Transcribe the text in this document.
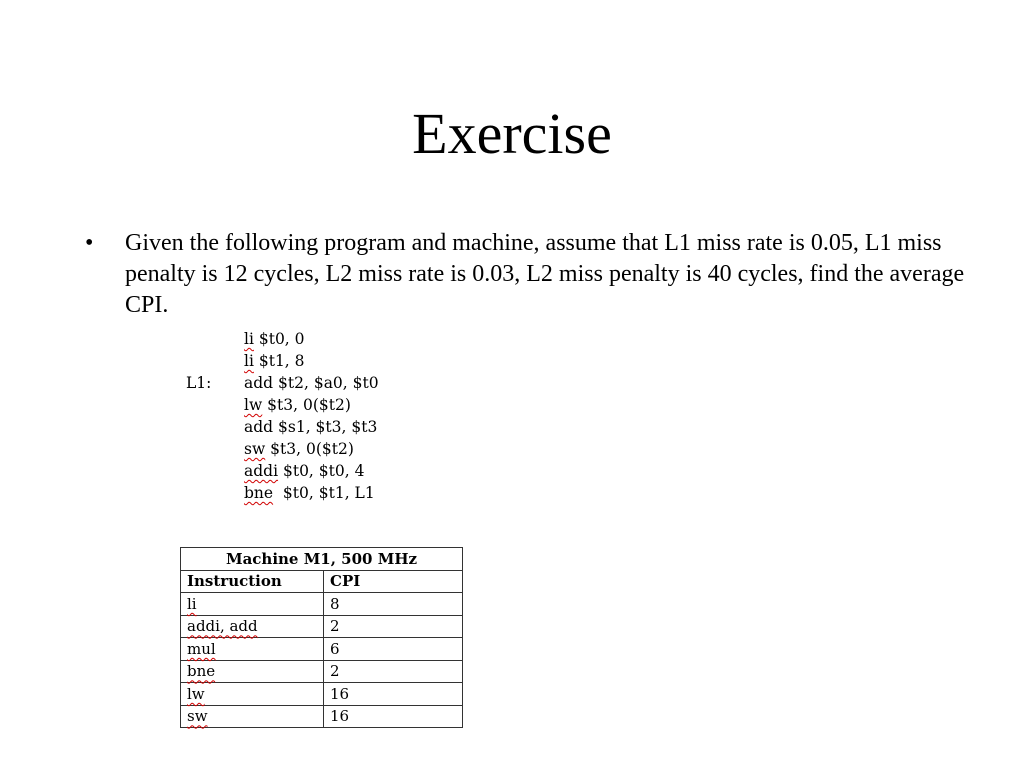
Exercise
•	Given the following program and machine, assume that L1 miss rate is 0.05, L1 miss penalty is 12 cycles, L2 miss rate is 0.03, L2 miss penalty is 40 cycles, find the average CPI.
li $t0, 0
li $t1, 8
L1:	add $t2, $a0, $t0
lw $t3, 0($t2)
add $s1, $t3, $t3
sw $t3, 0($t2)
addi $t0, $t0, 4
bne $t0, $t1, L1
Machine M1, 500 MHz	
Instruction	CPI
li	8
addi, add	2
mul	6
bne	2
lw	16
sw	16
